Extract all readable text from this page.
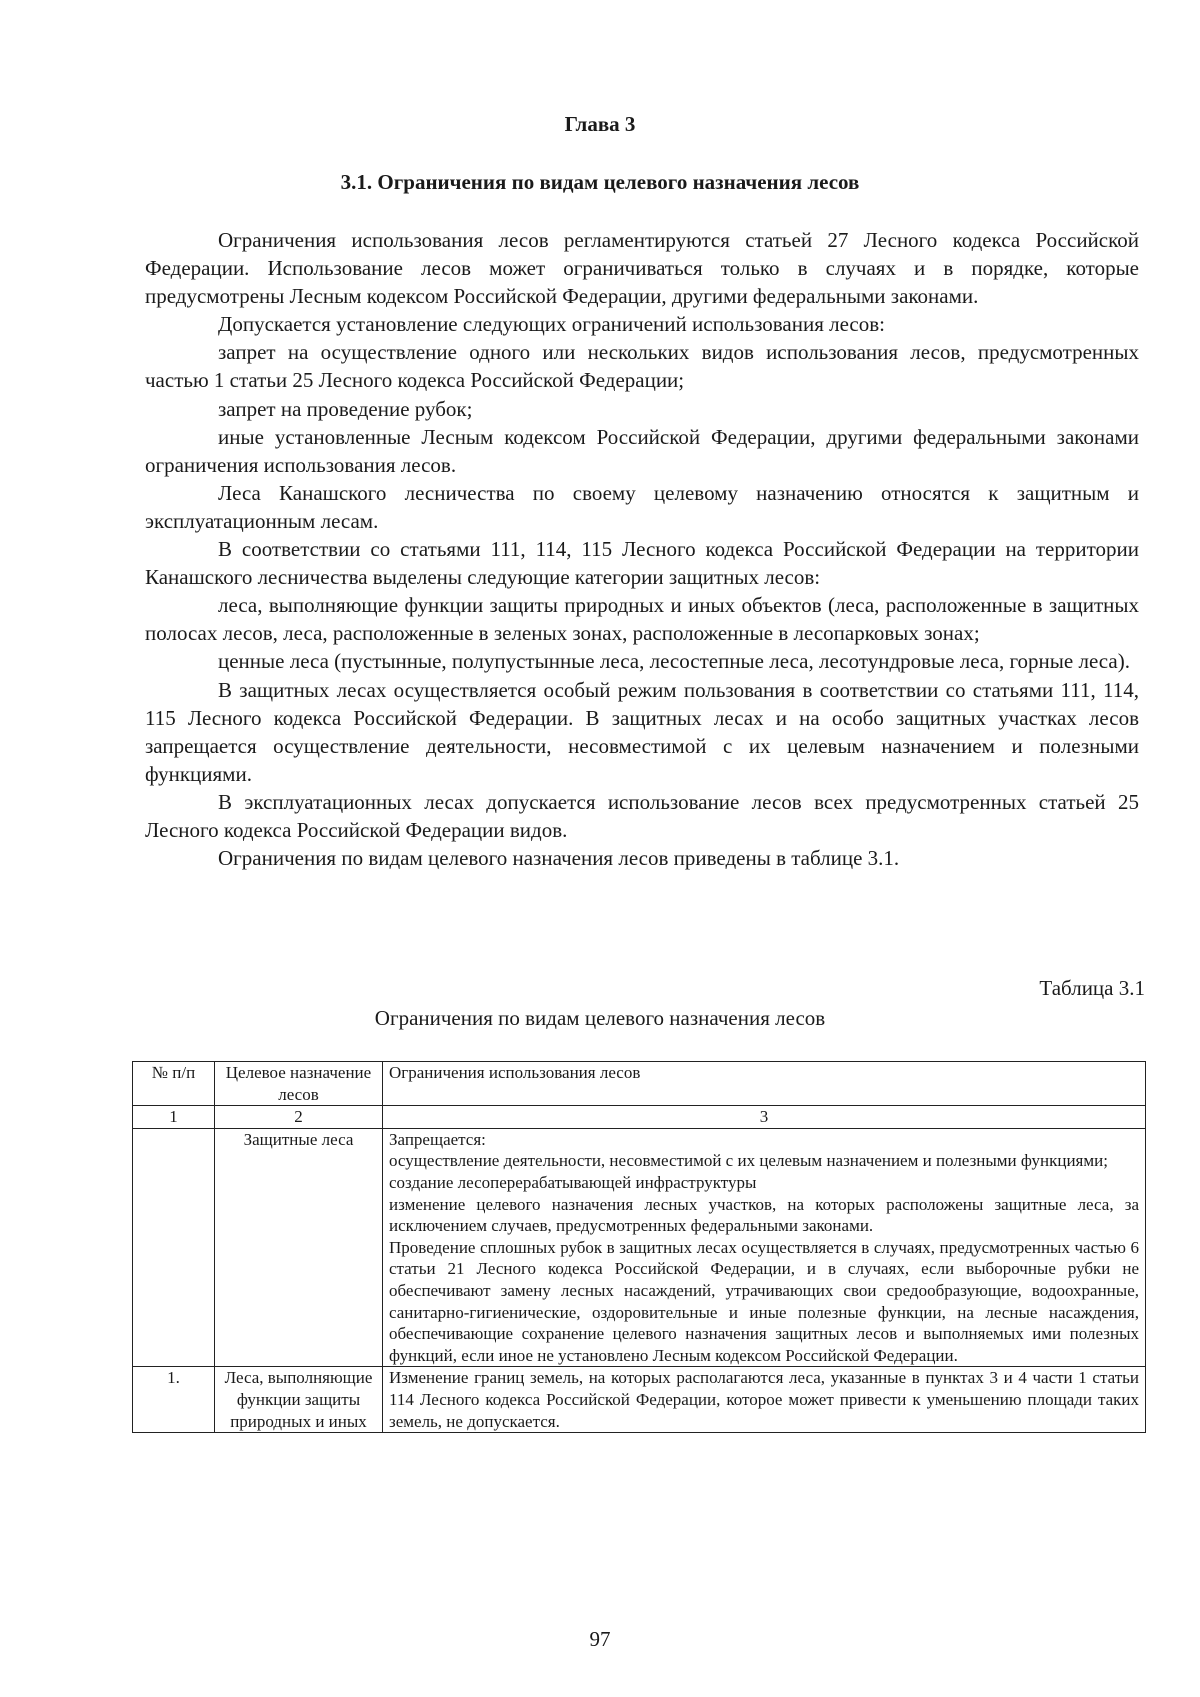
Глава 3
3.1. Ограничения по видам целевого назначения лесов

Ограничения использования лесов регламентируются статьей 27 Лесного кодекса Российской Федерации. Использование лесов может ограничиваться только в случаях и в порядке, которые предусмотрены Лесным кодексом Российской Федерации, другими федеральными законами.

Допускается установление следующих ограничений использования лесов:

запрет на осуществление одного или нескольких видов использования лесов, предусмотренных частью 1 статьи 25 Лесного кодекса Российской Федерации;

запрет на проведение рубок;

иные установленные Лесным кодексом Российской Федерации, другими федеральными законами ограничения использования лесов.

Леса Канашского лесничества по своему целевому назначению относятся к защитным и эксплуатационным лесам.

В соответствии со статьями 111, 114, 115 Лесного кодекса Российской Федерации на территории Канашского лесничества выделены следующие категории защитных лесов:

леса, выполняющие функции защиты природных и иных объектов (леса, расположенные в защитных полосах лесов, леса, расположенные в зеленых зонах, расположенные в лесопарковых зонах;

ценные леса (пустынные, полупустынные леса, лесостепные леса, лесотундровые леса, горные леса).

В защитных лесах осуществляется особый режим пользования в соответствии со статьями 111, 114, 115 Лесного кодекса Российской Федерации. В защитных лесах и на особо защитных участках лесов запрещается осуществление деятельности, несовместимой с их целевым назначением и полезными функциями.

В эксплуатационных лесах допускается использование лесов всех предусмотренных статьей 25 Лесного кодекса Российской Федерации видов.

Ограничения по видам целевого назначения лесов приведены в таблице 3.1.

Таблица 3.1

Ограничения по видам целевого назначения лесов

№ п/п	Целевое назначение лесов	Ограничения использования лесов
1	2	3
	Защитные леса	Запрещается:
осуществление деятельности, несовместимой с их целевым назначением и полезными функциями;
создание лесоперерабатывающей инфраструктуры
изменение целевого назначения лесных участков, на которых расположены защитные леса, за исключением случаев, предусмотренных федеральными законами.
Проведение сплошных рубок в защитных лесах осуществляется в случаях, предусмотренных частью 6 статьи 21 Лесного кодекса Российской Федерации, и в случаях, если выборочные рубки не обеспечивают замену лесных насаждений, утрачивающих свои средообразующие, водоохранные, санитарно-гигиенические, оздоровительные и иные полезные функции, на лесные насаждения, обеспечивающие сохранение целевого назначения защитных лесов и выполняемых ими полезных функций, если иное не установлено Лесным кодексом Российской Федерации.

1.	Леса, выполняющие функции защиты природных и иных	Изменение границ земель, на которых располагаются леса, указанные в пунктах 3 и 4 части 1 статьи 114 Лесного кодекса Российской Федерации, которое может привести к уменьшению площади таких земель, не допускается.

97
